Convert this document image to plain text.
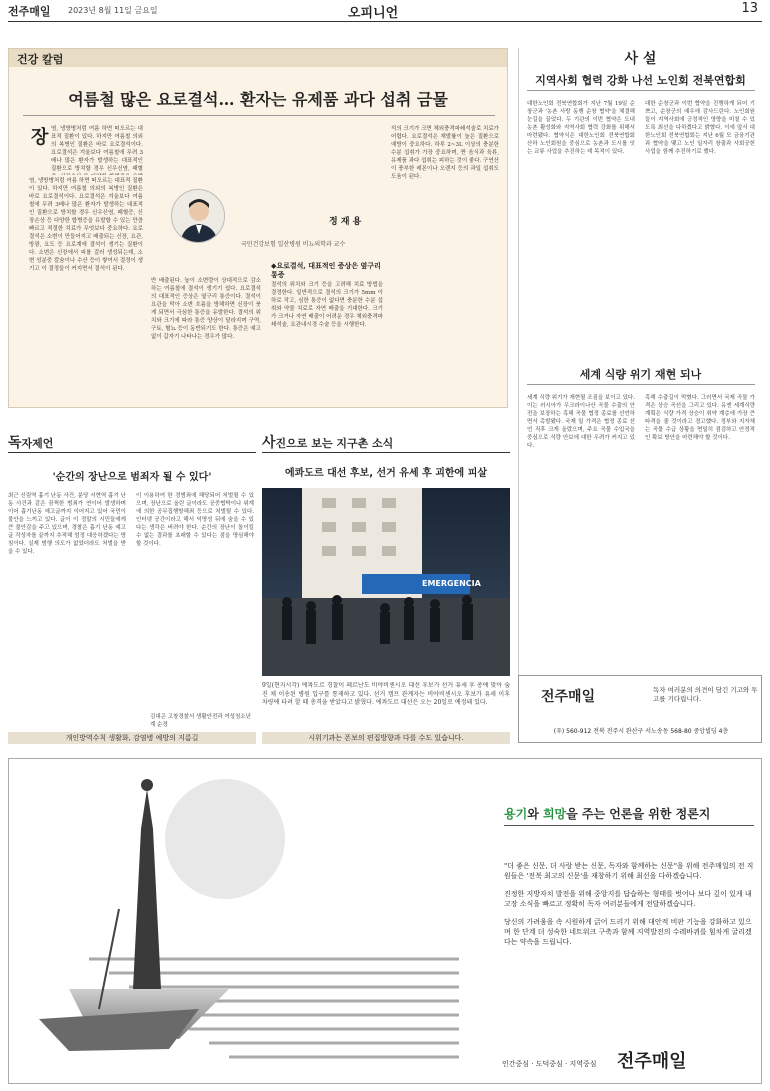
전주매일 2023년 8월 11일 금요일	오피니언	13
건강 칼럼
여름철 많은 요로결석… 환자는 유제품 과다 섭취 금물
장 염, 냉방병처럼 여름 하면 떠오르는 대표적 질환이 있다. 하지만 여름철 의외의 복병인 질환은 바로 요로결석이다. 요로결석은 겨울보다 여름철에 무려 3배나 많은 환자가 발생하는 대표적인 질환으로 방치할 경우 신우신염, 패혈
염, 냉방병처럼 여름 하면 떠오르는 대표적 질환이 있다. 하지만 여름철 의외의 복병인 질환은 바로 요로결석이다. 요로결석은 겨울보다 여름철에 무려 3배나 많은 환자가 발생하는 대표적인 질환으로 방치할 경우 신우신염, 패혈증, 신장손상 등 다양한 합병증을 유발할 수 있는 만큼 빠르고 적절한 치료가 무엇보다 중요하다. 요로결석은 소변이 만들어지고 배출되는 신장, 요관, 방광, 요도 등 요로계에 결석이 생기는 질환이다. 소변은 신장에서 피를 걸러 생성되는데, 소변 성분중 칼슘이나 수산 등이 쌓여서 결정이 생기고 이 결정들이 커지면서 결석이 된다.
정 재 용
국민건강보험 일산병원 비뇨의학과 교수
반 배출된다. 높이 소변량이 상대적으로 감소하는 여름철에 결석이 생기기 쉽다. 요로결석의 대표적인 증상은 옆구리 통증이다. 결석이 요관을 막아 소변 흐름을 방해하면 신장이 붓게 되면서 극심한 통증을 유발한다. 결석의 위치와 크기에 따라 통증 양상이 달라지며 구역, 구토, 혈뇨 등이 동반되기도 한다. 통증은 예고 없이 갑자기 나타나는 경우가 많다.
◆요로결석, 대표적인 증상은 옆구리 통증
결석의 위치와 크기 등을 고려해 치료 방법을 결정한다. 일반적으로 결석의 크기가 5mm 이하로 작고, 심한 통증이 없다면 충분한 수분 섭취와 약물 치료로 자연 배출을 기대한다. 크기가 크거나 자연 배출이 어려운 경우 체외충격파쇄석술, 요관내시경 수술 등을 시행한다.
석의 크기가 크면 체외충격파쇄석술로 치료가 어렵다. 요로결석은 재발률이 높은 질환으로 예방이 중요하다. 하루 2~3L 이상의 충분한 수분 섭취가 가장 중요하며, 짠 음식과 육류, 유제품 과다 섭취는 피하는 것이 좋다. 구연산이 풍부한 레몬이나 오렌지 등의 과일 섭취도 도움이 된다.
사 설
지역사회 협력 강화 나선 노인회 전북연합회
대한노인회 전북연합회가 지난 7월 19일 순창군과 '농촌 사랑 동행 순창 협약'을 체결해 눈길을 끌었다. 두 기관의 이번 협약은 도내 농촌 활성화와 지역사회 협력 강화를 위해서 마련됐다. 협약식은 대한노인회 전북연합회 산하 노인회원을 중심으로 농촌과 도시를 잇는 교류 사업을 추진하는 데 목적이 있다.
대한 순창군과 이번 협약을 진행하게 되어 기쁘고, 순창군의 예우에 감사드린다. 노인회원들이 지역사회에 긍정적인 영향을 미칠 수 있도록 최선을 다하겠다고 밝혔다. 이에 앞서 대한노인회 전북연합회는 지난 6월 모 금융기관과 협약을 맺고 노인 일자리 창출과 사회공헌 사업을 함께 추진하기로 했다.
세계 식량 위기 재현 되나
세계 식량 위기가 재현될 조짐을 보이고 있다. 이는 러시아가 우크라이나산 곡물 수출의 안전을 보장하는 흑해 곡물 협정 종료를 선언하면서 촉발됐다. 국제 밀 가격은 협정 종료 선언 직후 크게 올랐으며, 주요 곡물 수입국을 중심으로 식량 안보에 대한 우려가 커지고 있다.
흑해 수출길이 막혔다. 그러면서 국제 곡물 가격은 상승 곡선을 그리고 있다. 유엔 세계식량계획은 식량 가격 상승이 취약 계층에 가장 큰 타격을 줄 것이라고 경고했다. 정부와 지자체는 곡물 수급 상황을 면밀히 점검하고 안정적인 확보 방안을 마련해야 할 것이다.
독자제언
'순간의 장난으로 범죄자 될 수 있다'
최근 신림역 흉기 난동 사건, 분당 서현역 흉기 난동 사건과 같은 끔찍한 범죄가 연이어 발생하며 이어 흉기난동 예고글까지 이어지고 있어 국민이 불안을 느끼고 있다. 글이 이 정말의 시민들에게 큰 불안감을 주고 있으며, 경찰은 흉기 난동 예고글 작성자를 끝까지 추적해 엄정 대응하겠다는 방침이다. 실제 범행 의도가 없었더라도 처벌을 받을 수 있다.
이 이용하여 한 경범죄에 해당되어 처벌될 수 있으며, 장난으로 올린 글이라도 공중협박이나 위계에 의한 공무집행방해죄 등으로 처벌될 수 있다. 인터넷 공간이라고 해서 익명성 뒤에 숨을 수 있다는 생각은 버려야 한다. 순간의 장난이 돌이킬 수 없는 결과를 초래할 수 있다는 점을 명심해야 할 것이다.
김대곤 고창경찰서 생활안전과 여성청소년계 순경
개인방역수칙 생활화, 감염병 예방의 지름길
사진으로 보는 지구촌 소식
에콰도르 대선 후보, 선거 유세 후 괴한에 피살
EMERGENCIA
9일(현지시각) 에콰도르 경찰이 페르난도 비야비센시오 대선 후보가 선거 유세 후 총에 맞아 숨진 채 이송된 병원 입구를 통제하고 있다. 선거 캠프 관계자는 비야비센시오 후보가 유세 이후 차량에 타려 할 때 총격을 받았다고 밝혔다. 에콰도르 대선은 오는 20일로 예정돼 있다.
시위기과는 폰보의 편집방향과 다를 수도 있습니다.
전주매일	독자 여러분의 의견이 담긴 기고와 투고를 기다립니다.
(우) 560-912 전북 전주시 완산구 서노송동 568-80 중앙빌딩 4층
용기와 희망을 주는 언론을 위한 정론지

"더 좋은 신문, 더 사랑 받는 신문, 독자와 함께하는 신문"을 위해 전주매일의 전 직원들은 '전북 최고의 신문'을 재창하기 위해 최선을 다하겠습니다.

진정한 지방자치 발전을 위해 중앙지를 답습하는 형태를 벗어나 보다 깊이 있게 내 고장 소식을 빠르고 정확히 독자 여러분들에게 전달하겠습니다.

당신의 가려움을 속 시원하게 긁어 드리기 위해 대안적 비판 기능을 강화하고 있으며 한 단계 더 성숙한 네트워크 구축과 함께 지역발전의 수레바퀴를 힘차게 굴리겠다는 약속을 드립니다.

인간중심 · 도덕중심 · 지역중심 전주매일
